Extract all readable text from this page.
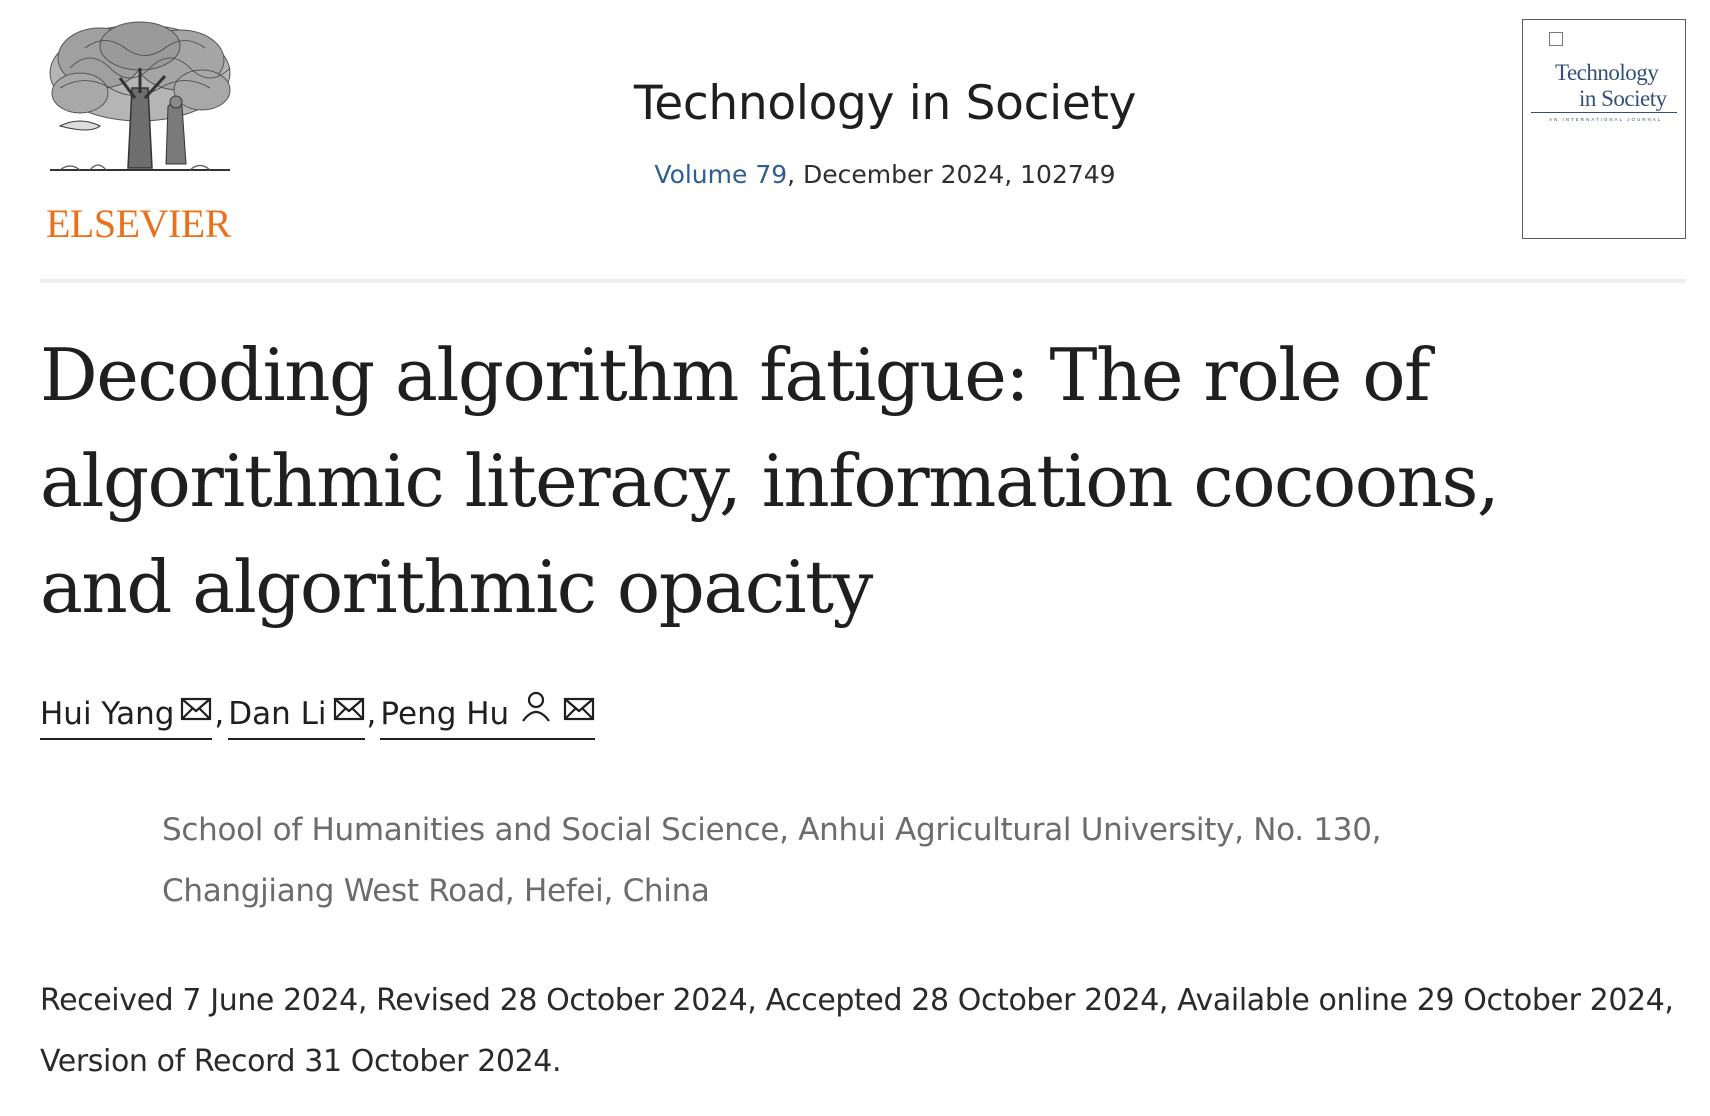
ELSEVIER
Technology in Society
Volume 79, December 2024, 102749
Technology
in Society
AN INTERNATIONAL JOURNAL
Decoding algorithm fatigue: The role of algorithmic literacy, information cocoons, and algorithmic opacity
Hui Yang , Dan Li , Peng Hu
School of Humanities and Social Science, Anhui Agricultural University, No. 130, Changjiang West Road, Hefei, China
Received 7 June 2024, Revised 28 October 2024, Accepted 28 October 2024, Available online 29 October 2024, Version of Record 31 October 2024.
